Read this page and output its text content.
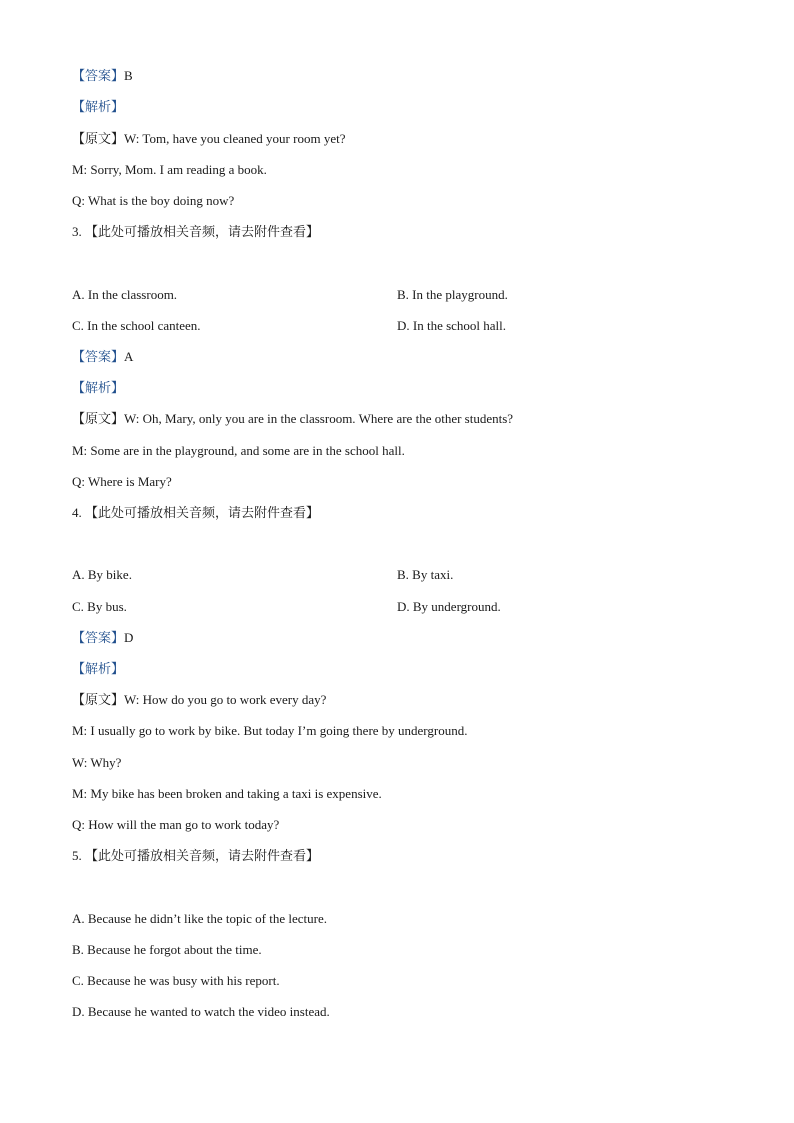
【答案】B
【解析】
【原文】W: Tom, have you cleaned your room yet?
M: Sorry, Mom. I am reading a book.
Q: What is the boy doing now?
3. 【此处可播放相关音频，请去附件查看】
A. In the classroom.	B. In the playground.
C. In the school canteen.	D. In the school hall.
【答案】A
【解析】
【原文】W: Oh, Mary, only you are in the classroom. Where are the other students?
M: Some are in the playground, and some are in the school hall.
Q: Where is Mary?
4. 【此处可播放相关音频，请去附件查看】
A. By bike.	B. By taxi.
C. By bus.	D. By underground.
【答案】D
【解析】
【原文】W: How do you go to work every day?
M: I usually go to work by bike. But today I’m going there by underground.
W: Why?
M: My bike has been broken and taking a taxi is expensive.
Q: How will the man go to work today?
5. 【此处可播放相关音频，请去附件查看】
A. Because he didn’t like the topic of the lecture.
B. Because he forgot about the time.
C. Because he was busy with his report.
D. Because he wanted to watch the video instead.
